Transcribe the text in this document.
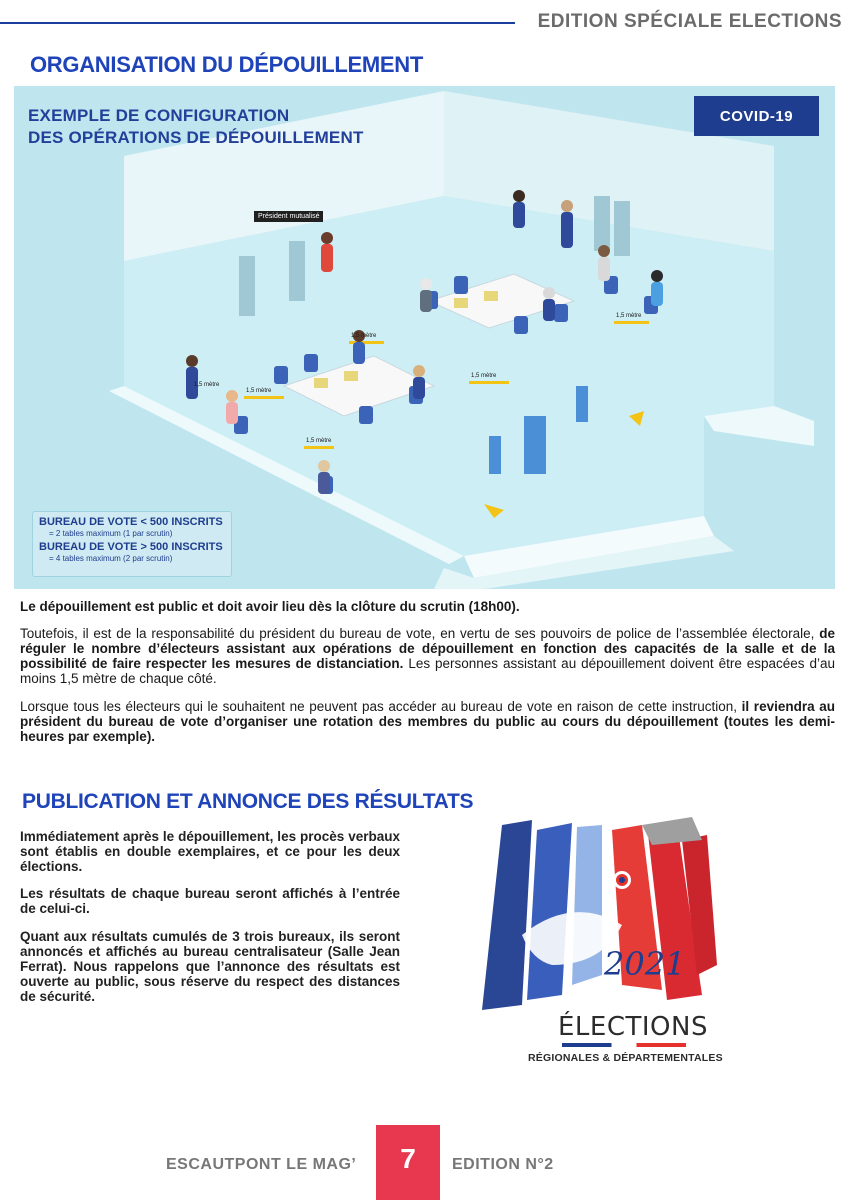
EDITION SPÉCIALE ELECTIONS
ORGANISATION DU DÉPOUILLEMENT
1,5 mètre
1,5 mètre
1,5 mètre
1,5 mètre
1,5 mètre
1,5 mètre
EXEMPLE DE CONFIGURATION
DES OPÉRATIONS DE DÉPOUILLEMENT
COVID-19
Président mutualisé
BUREAU DE VOTE < 500 INSCRITS
= 2 tables maximum (1 par scrutin)
BUREAU DE VOTE > 500 INSCRITS
= 4 tables maximum (2 par scrutin)
Le dépouillement est public et doit avoir lieu dès la clôture du scrutin (18h00).
Toutefois, il est de la responsabilité du président du bureau de vote, en vertu de ses pouvoirs de police de l’assemblée électorale, de réguler le nombre d’électeurs assistant aux opérations de dépouillement en fonction des capacités de la salle et de la possibilité de faire respecter les mesures de distanciation. Les personnes assistant au dépouillement doivent être espacées d’au moins 1,5 mètre de chaque côté.
Lorsque tous les électeurs qui le souhaitent ne peuvent pas accéder au bureau de vote en raison de cette instruction, il reviendra au président du bureau de vote d’organiser une rotation des membres du public au cours du dépouillement (toutes les demi-heures par exemple).
PUBLICATION ET ANNONCE DES RÉSULTATS
Immédiatement après le dépouillement, les procès verbaux sont établis en double exemplaires, et ce pour les deux élections.
Les résultats de chaque bureau seront affichés à l’entrée de celui-ci.
Quant aux résultats cumulés de 3 trois bureaux, ils seront annoncés et affichés au bureau centralisateur (Salle Jean Ferrat). Nous rappelons que l’annonce des résultats est ouverte au public, sous réserve du respect des distances de sécurité.
2021
ÉLECTIONS
RÉGIONALES & DÉPARTEMENTALES
ESCAUTPONT LE MAG’	7	EDITION N°2
